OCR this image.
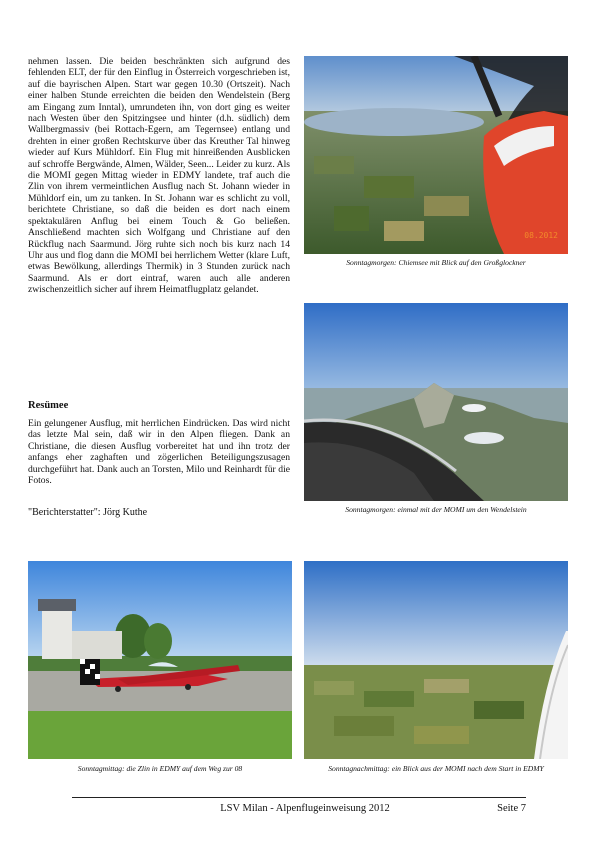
nehmen lassen. Die beiden beschränkten sich aufgrund des fehlenden ELT, der für den Einflug in Österreich vorgeschrieben ist, auf die bayrischen Alpen. Start war gegen 10.30 (Ortszeit). Nach einer halben Stunde erreichten die beiden den Wendelstein (Berg am Eingang zum Inntal), umrundeten ihn, von dort ging es weiter nach Westen über den Spitzingsee und hinter (d.h. südlich) dem Wallbergmassiv (bei Rottach-Egern, am Tegernsee) entlang und drehten in einer großen Rechtskurve über das Kreuther Tal hinweg wieder auf Kurs Mühldorf. Ein Flug mit hinreißenden Ausblicken auf schroffe Bergwände, Almen, Wälder, Seen... Leider zu kurz. Als die MOMI gegen Mittag wieder in EDMY landete, traf auch die Zlin von ihrem vermeintlichen Ausflug nach St. Johann wieder in Mühldorf ein, um zu tanken. In St. Johann war es schlicht zu voll, berichtete Christiane, so daß die beiden es dort nach einem spektakulären Anflug bei einem Touch & Go beließen. Anschließend machten sich Wolfgang und Christiane auf den Rückflug nach Saarmund. Jörg ruhte sich noch bis kurz nach 14 Uhr aus und flog dann die MOMI bei herrlichem Wetter (klare Luft, etwas Bewölkung, allerdings Thermik) in 3 Stunden zurück nach Saarmund. Als er dort eintraf, waren auch alle anderen zwischenzeitlich sicher auf ihrem Heimatflugplatz gelandet.

Resümee

Ein gelungener Ausflug, mit herrlichen Eindrücken. Das wird nicht das letzte Mal sein, daß wir in den Alpen fliegen. Dank an Christiane, die diesen Ausflug vorbereitet hat und ihn trotz der anfangs eher zaghaften und zögerlichen Beteiligungszusagen durchgeführt hat. Dank auch an Torsten, Milo und Reinhardt für die Fotos.

"Berichterstatter": Jörg Kuthe
08.2012
Sonntagmorgen: Chiemsee mit Blick auf den Großglockner
Sonntagmorgen: einmal mit der MOMI um den Wendelstein
Sonntagmittag: die Zlin in EDMY auf dem Weg zur 08	Sonntagnachmittag: ein Blick aus der MOMI nach dem Start in EDMY
LSV Milan - Alpenflugeinweisung 2012	Seite 7
